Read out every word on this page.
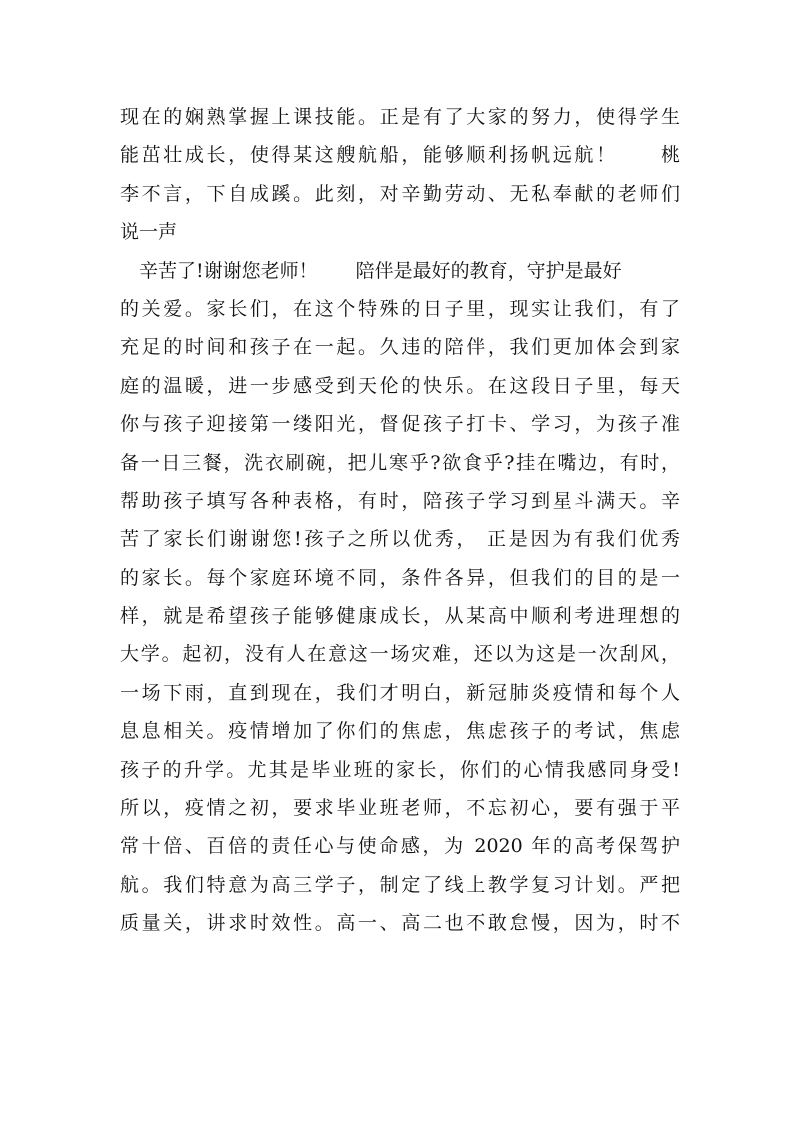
现在的娴熟掌握上课技能。正是有了大家的努力，使得学生
能茁壮成长，使得某这艘航船，能够顺利扬帆远航！　　桃
李不言，下自成蹊。此刻，对辛勤劳动、无私奉献的老师们
说一声
　辛苦了!谢谢您老师！　　陪伴是最好的教育，守护是最好
的关爱。家长们，在这个特殊的日子里，现实让我们，有了
充足的时间和孩子在一起。久违的陪伴，我们更加体会到家
庭的温暖，进一步感受到天伦的快乐。在这段日子里，每天
你与孩子迎接第一缕阳光，督促孩子打卡、学习，为孩子准
备一日三餐，洗衣刷碗，把儿寒乎?欲食乎?挂在嘴边，有时，
帮助孩子填写各种表格，有时，陪孩子学习到星斗满天。辛
苦了家长们谢谢您!孩子之所以优秀， 正是因为有我们优秀
的家长。每个家庭环境不同，条件各异，但我们的目的是一
样，就是希望孩子能够健康成长，从某高中顺利考进理想的
大学。起初，没有人在意这一场灾难，还以为这是一次刮风，
一场下雨，直到现在，我们才明白，新冠肺炎疫情和每个人
息息相关。疫情增加了你们的焦虑，焦虑孩子的考试，焦虑
孩子的升学。尤其是毕业班的家长，你们的心情我感同身受!
所以，疫情之初，要求毕业班老师，不忘初心，要有强于平
常十倍、百倍的责任心与使命感，为 2020 年的高考保驾护
航。我们特意为高三学子，制定了线上教学复习计划。严把
质量关，讲求时效性。高一、高二也不敢怠慢，因为，时不
